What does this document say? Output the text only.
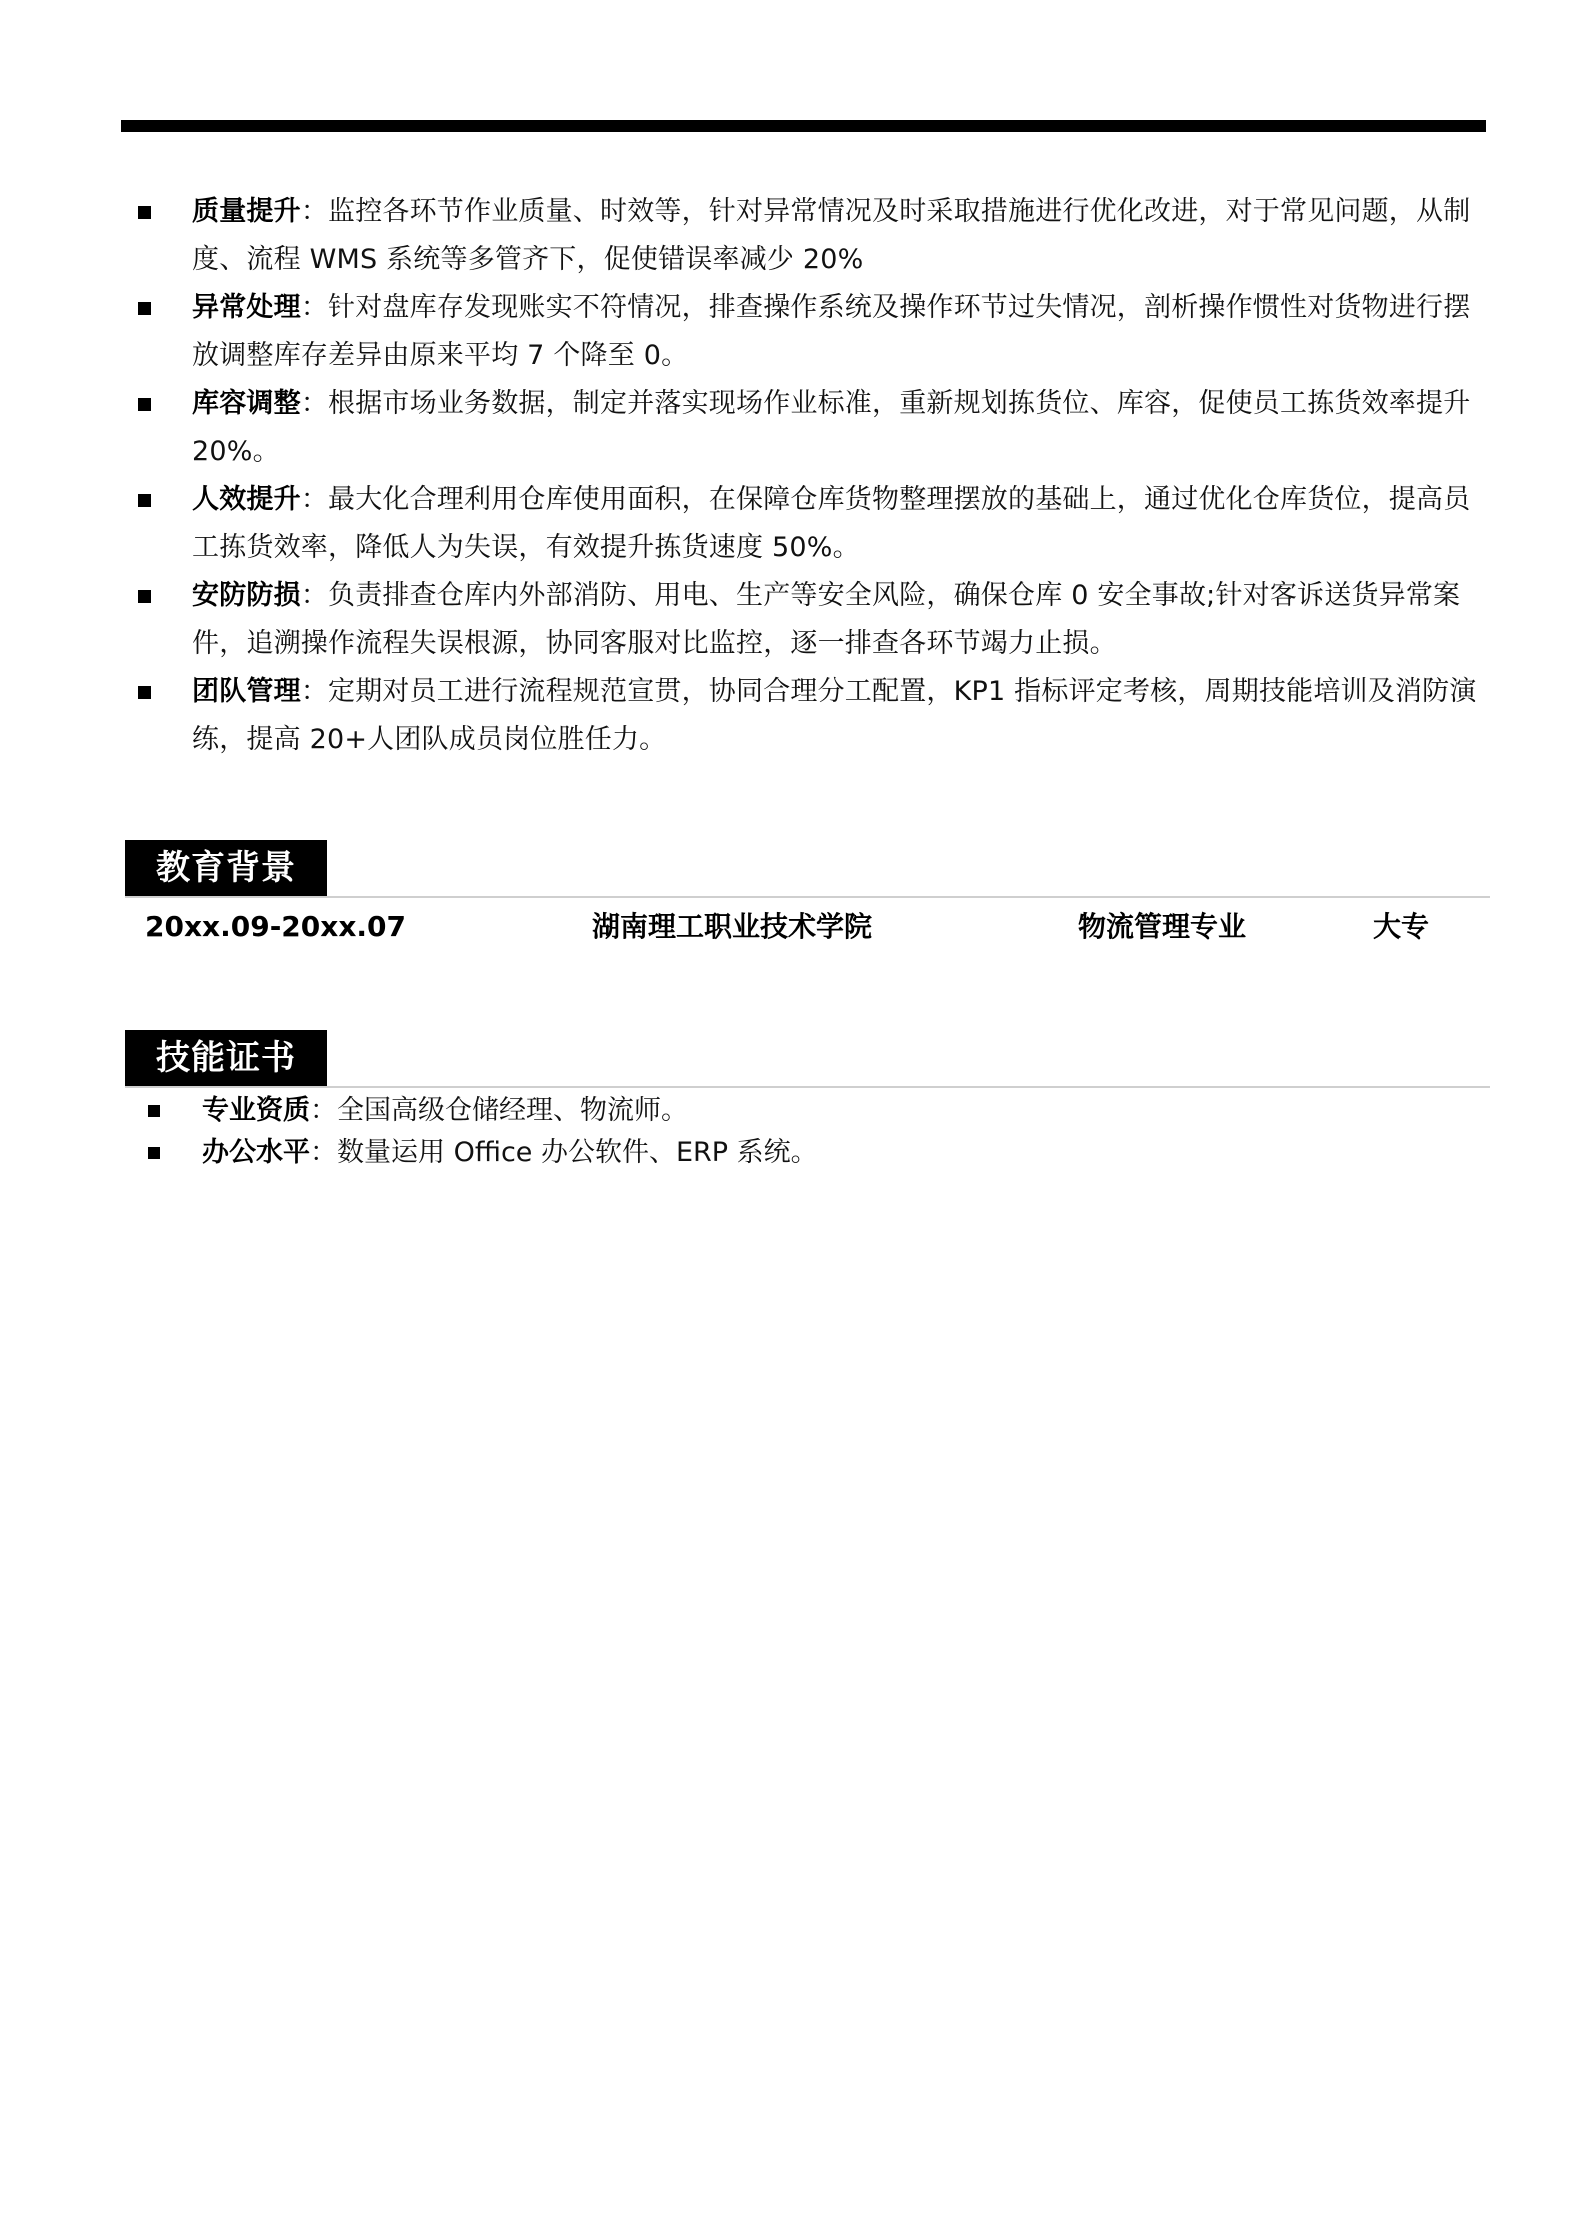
质量提升：监控各环节作业质量、时效等，针对异常情况及时采取措施进行优化改进，对于常见问题，从制度、流程 WMS 系统等多管齐下，促使错误率减少 20%
异常处理：针对盘库存发现账实不符情况，排查操作系统及操作环节过失情况，剖析操作惯性对货物进行摆放调整库存差异由原来平均 7 个降至 0。
库容调整：根据市场业务数据，制定并落实现场作业标准，重新规划拣货位、库容，促使员工拣货效率提升 20%。
人效提升：最大化合理利用仓库使用面积，在保障仓库货物整理摆放的基础上，通过优化仓库货位，提高员工拣货效率，降低人为失误，有效提升拣货速度 50%。
安防防损：负责排查仓库内外部消防、用电、生产等安全风险，确保仓库 0 安全事故;针对客诉送货异常案件，追溯操作流程失误根源，协同客服对比监控，逐一排查各环节竭力止损。
团队管理：定期对员工进行流程规范宣贯，协同合理分工配置，KP1 指标评定考核，周期技能培训及消防演练，提高 20+人团队成员岗位胜任力。
教育背景
20xx.09-20xx.07	湖南理工职业技术学院	物流管理专业	大专
技能证书
专业资质：全国高级仓储经理、物流师。
办公水平：数量运用 Office 办公软件、ERP 系统。
